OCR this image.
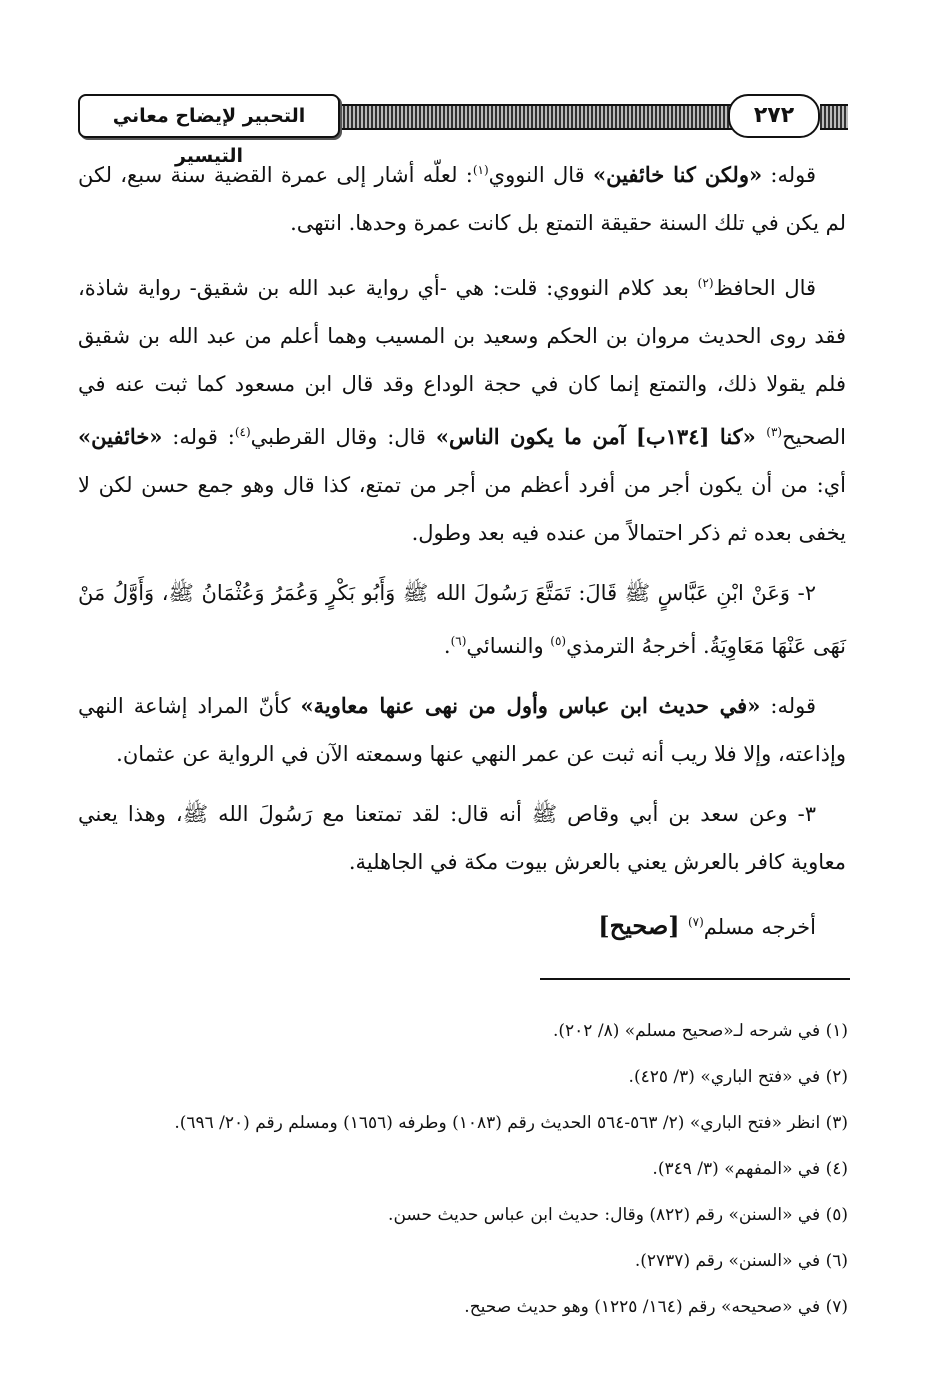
التحبير لإيضاح معاني التيسير
٢٧٢

قوله: «ولكن كنا خائفين» قال النووي$^{(١)}$: لعلّه أشار إلى عمرة القضية سنة سبع، لكن لم يكن في تلك السنة حقيقة التمتع بل كانت عمرة وحدها. انتهى.

قال الحافظ$^{(٢)}$ بعد كلام النووي: قلت: هي -أي رواية عبد الله بن شقيق- رواية شاذة، فقد روى الحديث مروان بن الحكم وسعيد بن المسيب وهما أعلم من عبد الله بن شقيق فلم يقولا ذلك، والتمتع إنما كان في حجة الوداع وقد قال ابن مسعود كما ثبت عنه في الصحيح$^{(٣)}$ «كنا [١٣٤ب] آمن ما يكون الناس» قال: وقال القرطبي$^{(٤)}$: قوله: «خائفين» أي: من أن يكون أجر من أفرد أعظم من أجر من تمتع، كذا قال وهو جمع حسن لكن لا يخفى بعده ثم ذكر احتمالاً من عنده فيه بعد وطول.

٢- وَعَنْ ابْنِ عَبَّاسٍ ﷺ قَالَ: تَمَتَّعَ رَسُولَ الله ﷺ وَأَبُو بَكْرٍ وَعُمَرُ وَعُثْمَانُ ﷺ، وَأَوَّلُ مَنْ نَهَى عَنْهَا مَعَاوِيَةُ. أخرجهُ الترمذي$^{(٥)}$ والنسائي$^{(٦)}$.

قوله: «في حديث ابن عباس وأول من نهى عنها معاوية» كأنّ المراد إشاعة النهي وإذاعته، وإلا فلا ريب أنه ثبت عن عمر النهي عنها وسمعته الآن في الرواية عن عثمان.

٣- وعن سعد بن أبي وقاص ﷺ أنه قال: لقد تمتعنا مع رَسُولَ الله ﷺ، وهذا يعني معاوية كافر بالعرش يعني بالعرش بيوت مكة في الجاهلية.

أخرجه مسلم$^{(٧)}$ [صحيح]

(١) في شرحه لـ«صحيح مسلم» (٨/ ٢٠٢).
(٢) في «فتح الباري» (٣/ ٤٢٥).
(٣) انظر «فتح الباري» (٢/ ٥٦٣-٥٦٤ الحديث رقم (١٠٨٣) وطرفه (١٦٥٦) ومسلم رقم (٢٠/ ٦٩٦).
(٤) في «المفهم» (٣/ ٣٤٩).
(٥) في «السنن» رقم (٨٢٢) وقال: حديث ابن عباس حديث حسن.
(٦) في «السنن» رقم (٢٧٣٧).
(٧) في «صحيحه» رقم (١٦٤/ ١٢٢٥) وهو حديث صحيح.
